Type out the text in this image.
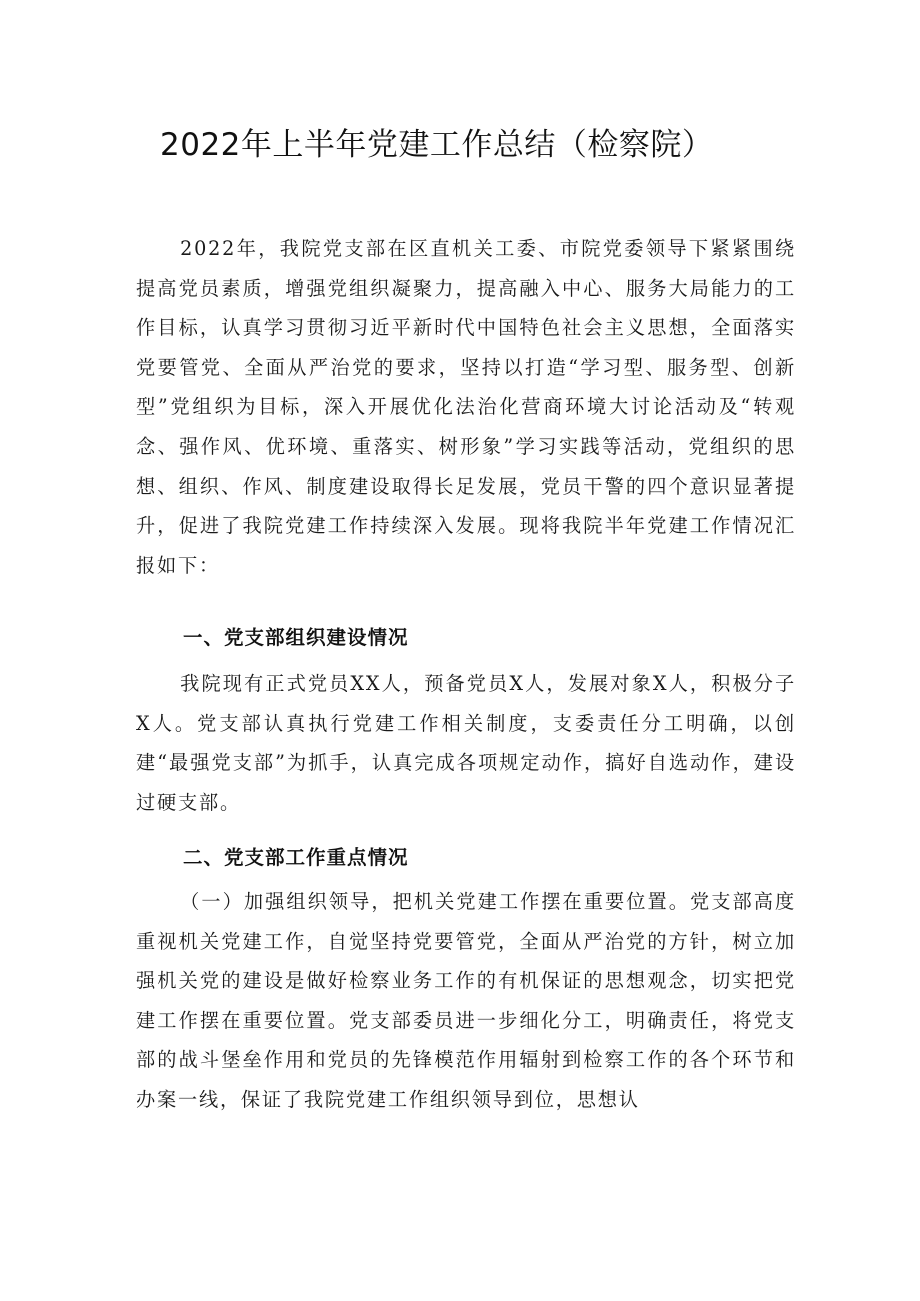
2022年上半年党建工作总结（检察院）

2022年，我院党支部在区直机关工委、市院党委领导下紧紧围绕提高党员素质，增强党组织凝聚力，提高融入中心、服务大局能力的工作目标，认真学习贯彻习近平新时代中国特色社会主义思想，全面落实党要管党、全面从严治党的要求，坚持以打造“学习型、服务型、创新型”党组织为目标，深入开展优化法治化营商环境大讨论活动及“转观念、强作风、优环境、重落实、树形象”学习实践等活动，党组织的思想、组织、作风、制度建设取得长足发展，党员干警的四个意识显著提升，促进了我院党建工作持续深入发展。现将我院半年党建工作情况汇报如下：

一、党支部组织建设情况

我院现有正式党员XX人，预备党员X人，发展对象X人，积极分子X人。党支部认真执行党建工作相关制度，支委责任分工明确，以创建“最强党支部”为抓手，认真完成各项规定动作，搞好自选动作，建设过硬支部。

二、党支部工作重点情况

（一）加强组织领导，把机关党建工作摆在重要位置。党支部高度重视机关党建工作，自觉坚持党要管党，全面从严治党的方针，树立加强机关党的建设是做好检察业务工作的有机保证的思想观念，切实把党建工作摆在重要位置。党支部委员进一步细化分工，明确责任，将党支部的战斗堡垒作用和党员的先锋模范作用辐射到检察工作的各个环节和办案一线，保证了我院党建工作组织领导到位，思想认
